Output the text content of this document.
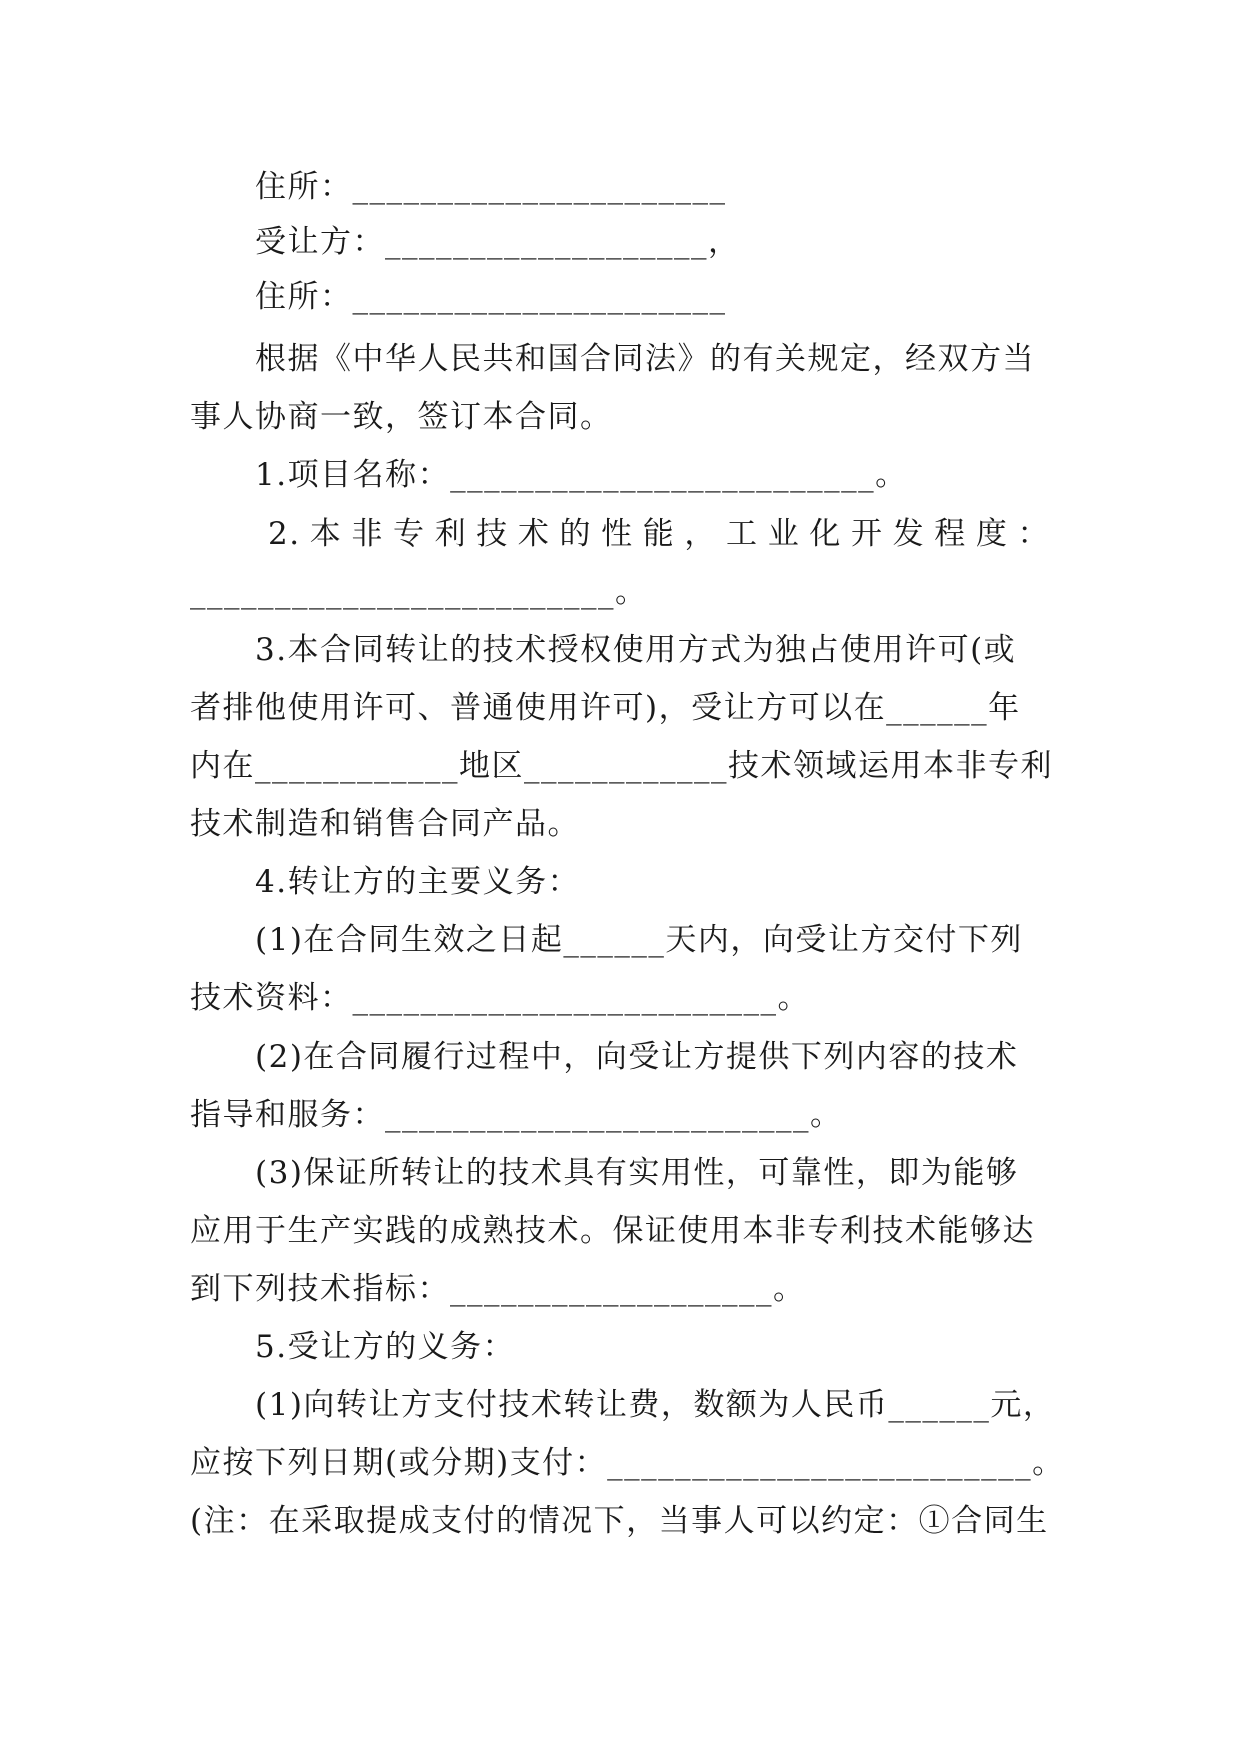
住所：______________________
受让方：___________________，
住所：______________________
根据《中华人民共和国合同法》的有关规定，经双方当
事人协商一致，签订本合同。
1.项目名称：_________________________。
2.本非专利技术的性能，工业化开发程度：
_________________________。
3.本合同转让的技术授权使用方式为独占使用许可(或
者排他使用许可、普通使用许可)，受让方可以在______年
内在____________地区____________技术领域运用本非专利
技术制造和销售合同产品。
4.转让方的主要义务：
(1)在合同生效之日起______天内，向受让方交付下列
技术资料：_________________________。
(2)在合同履行过程中，向受让方提供下列内容的技术
指导和服务：_________________________。
(3)保证所转让的技术具有实用性，可靠性，即为能够
应用于生产实践的成熟技术。保证使用本非专利技术能够达
到下列技术指标：___________________。
5.受让方的义务：
(1)向转让方支付技术转让费，数额为人民币______元，
应按下列日期(或分期)支付：_________________________。
(注：在采取提成支付的情况下，当事人可以约定：①合同生
